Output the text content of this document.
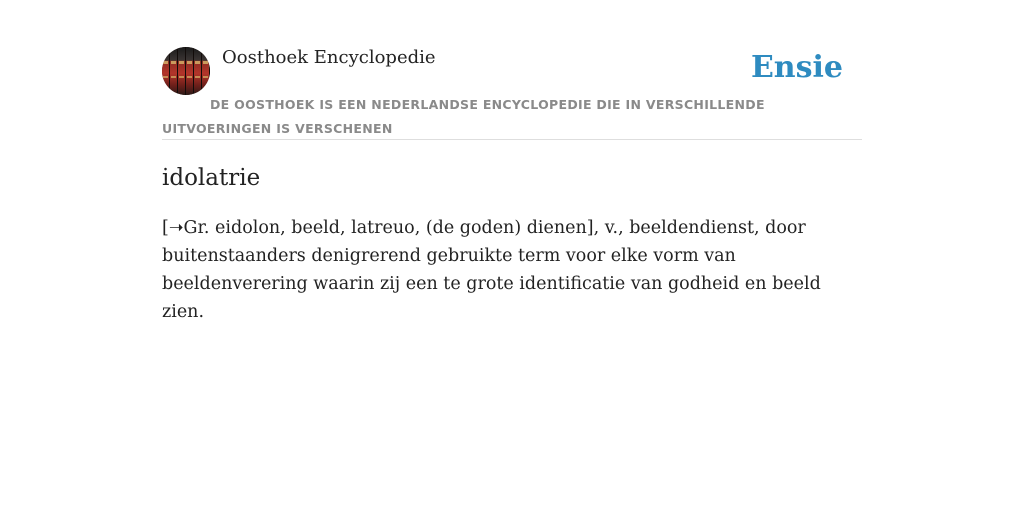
Oosthoek Encyclopedie	Ensie
DE OOSTHOEK IS EEN NEDERLANDSE ENCYCLOPEDIE DIE IN VERSCHILLENDE UITVOERINGEN IS VERSCHENEN
idolatrie

[➝Gr. eidolon, beeld, latreuo, (de goden) dienen], v., beeldendienst, door buitenstaanders denigrerend gebruikte term voor elke vorm van beeldenverering waarin zij een te grote identificatie van godheid en beeld zien.
